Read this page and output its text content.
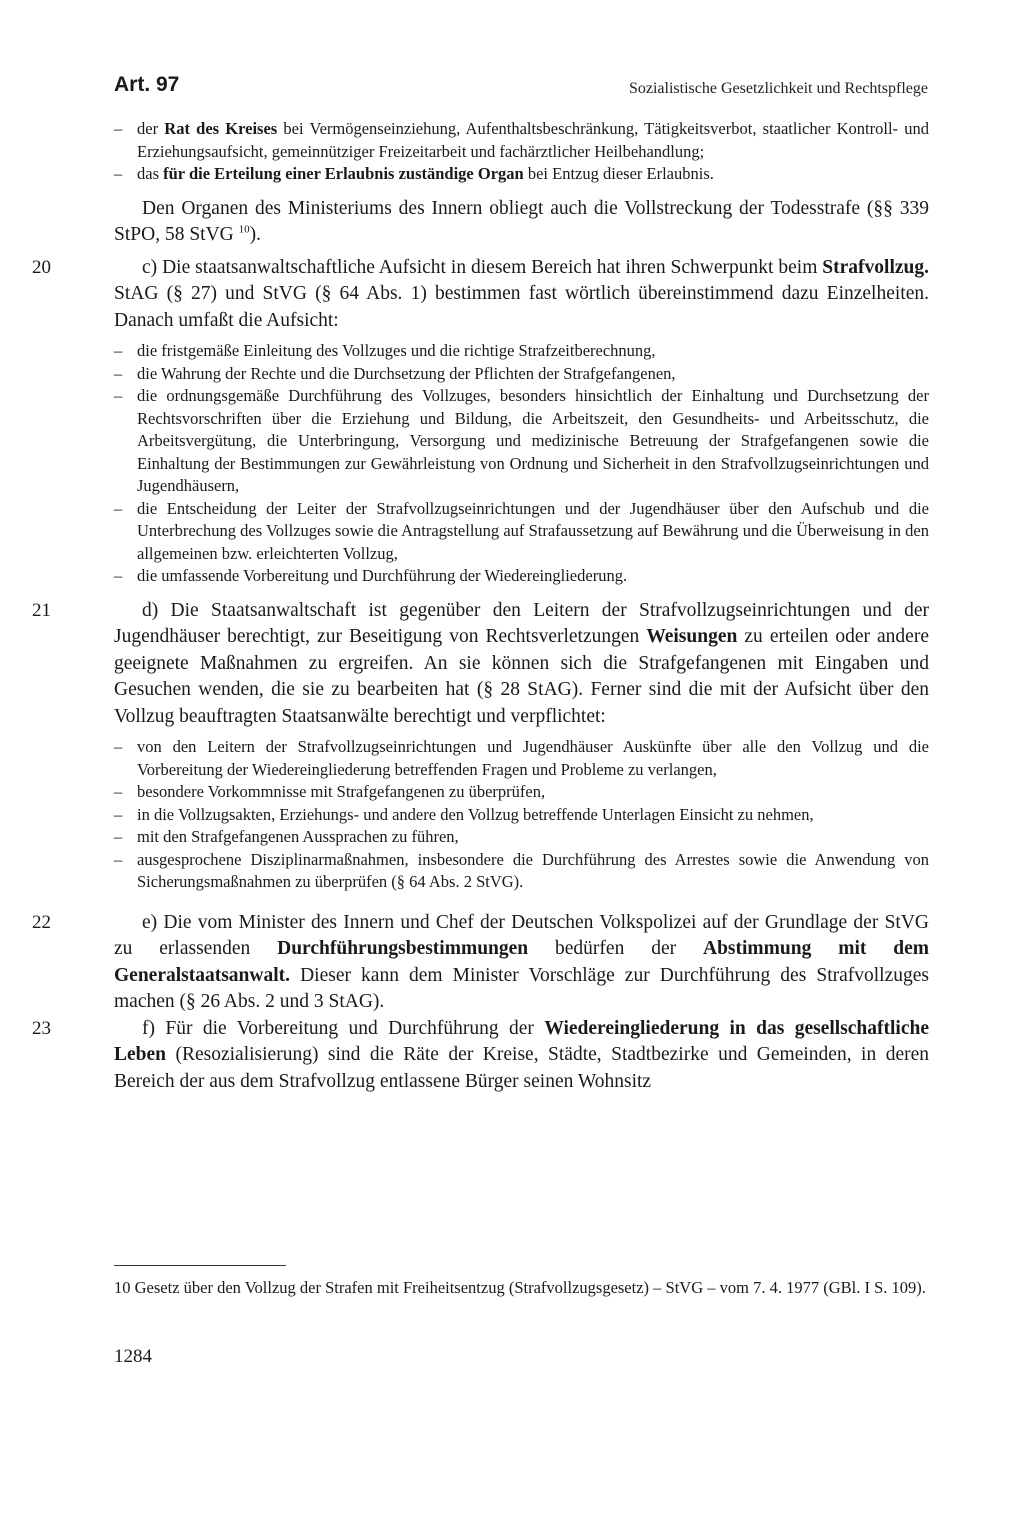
Art. 97	Sozialistische Gesetzlichkeit und Rechtspflege
– der Rat des Kreises bei Vermögenseinziehung, Aufenthaltsbeschränkung, Tätigkeitsverbot, staatlicher Kontroll- und Erziehungsaufsicht, gemeinnütziger Freizeitarbeit und fachärztlicher Heilbehandlung;
– das für die Erteilung einer Erlaubnis zuständige Organ bei Entzug dieser Erlaubnis.
Den Organen des Ministeriums des Innern obliegt auch die Vollstreckung der Todesstrafe (§§ 339 StPO, 58 StVG $^{10}$).
20	c) Die staatsanwaltschaftliche Aufsicht in diesem Bereich hat ihren Schwerpunkt beim Strafvollzug. StAG (§ 27) und StVG (§ 64 Abs. 1) bestimmen fast wörtlich übereinstimmend dazu Einzelheiten. Danach umfaßt die Aufsicht:
– die fristgemäße Einleitung des Vollzuges und die richtige Strafzeitberechnung,
– die Wahrung der Rechte und die Durchsetzung der Pflichten der Strafgefangenen,
– die ordnungsgemäße Durchführung des Vollzuges, besonders hinsichtlich der Einhaltung und Durchsetzung der Rechtsvorschriften über die Erziehung und Bildung, die Arbeitszeit, den Gesundheits- und Arbeitsschutz, die Arbeitsvergütung, die Unterbringung, Versorgung und medizinische Betreuung der Strafgefangenen sowie die Einhaltung der Bestimmungen zur Gewährleistung von Ordnung und Sicherheit in den Strafvollzugseinrichtungen und Jugendhäusern,
– die Entscheidung der Leiter der Strafvollzugseinrichtungen und der Jugendhäuser über den Aufschub und die Unterbrechung des Vollzuges sowie die Antragstellung auf Strafaussetzung auf Bewährung und die Überweisung in den allgemeinen bzw. erleichterten Vollzug,
– die umfassende Vorbereitung und Durchführung der Wiedereingliederung.
21	d) Die Staatsanwaltschaft ist gegenüber den Leitern der Strafvollzugseinrichtungen und der Jugendhäuser berechtigt, zur Beseitigung von Rechtsverletzungen Weisungen zu erteilen oder andere geeignete Maßnahmen zu ergreifen. An sie können sich die Strafgefangenen mit Eingaben und Gesuchen wenden, die sie zu bearbeiten hat (§ 28 StAG). Ferner sind die mit der Aufsicht über den Vollzug beauftragten Staatsanwälte berechtigt und verpflichtet:
– von den Leitern der Strafvollzugseinrichtungen und Jugendhäuser Auskünfte über alle den Vollzug und die Vorbereitung der Wiedereingliederung betreffenden Fragen und Probleme zu verlangen,
– besondere Vorkommnisse mit Strafgefangenen zu überprüfen,
– in die Vollzugsakten, Erziehungs- und andere den Vollzug betreffende Unterlagen Einsicht zu nehmen,
– mit den Strafgefangenen Aussprachen zu führen,
– ausgesprochene Disziplinarmaßnahmen, insbesondere die Durchführung des Arrestes sowie die Anwendung von Sicherungsmaßnahmen zu überprüfen (§ 64 Abs. 2 StVG).
22	e) Die vom Minister des Innern und Chef der Deutschen Volkspolizei auf der Grundlage der StVG zu erlassenden Durchführungsbestimmungen bedürfen der Abstimmung mit dem Generalstaatsanwalt. Dieser kann dem Minister Vorschläge zur Durchführung des Strafvollzuges machen (§ 26 Abs. 2 und 3 StAG).
23	f) Für die Vorbereitung und Durchführung der Wiedereingliederung in das gesellschaftliche Leben (Resozialisierung) sind die Räte der Kreise, Städte, Stadtbezirke und Gemeinden, in deren Bereich der aus dem Strafvollzug entlassene Bürger seinen Wohnsitz
10 Gesetz über den Vollzug der Strafen mit Freiheitsentzug (Strafvollzugsgesetz) – StVG – vom 7. 4. 1977 (GBl. I S. 109).
1284
